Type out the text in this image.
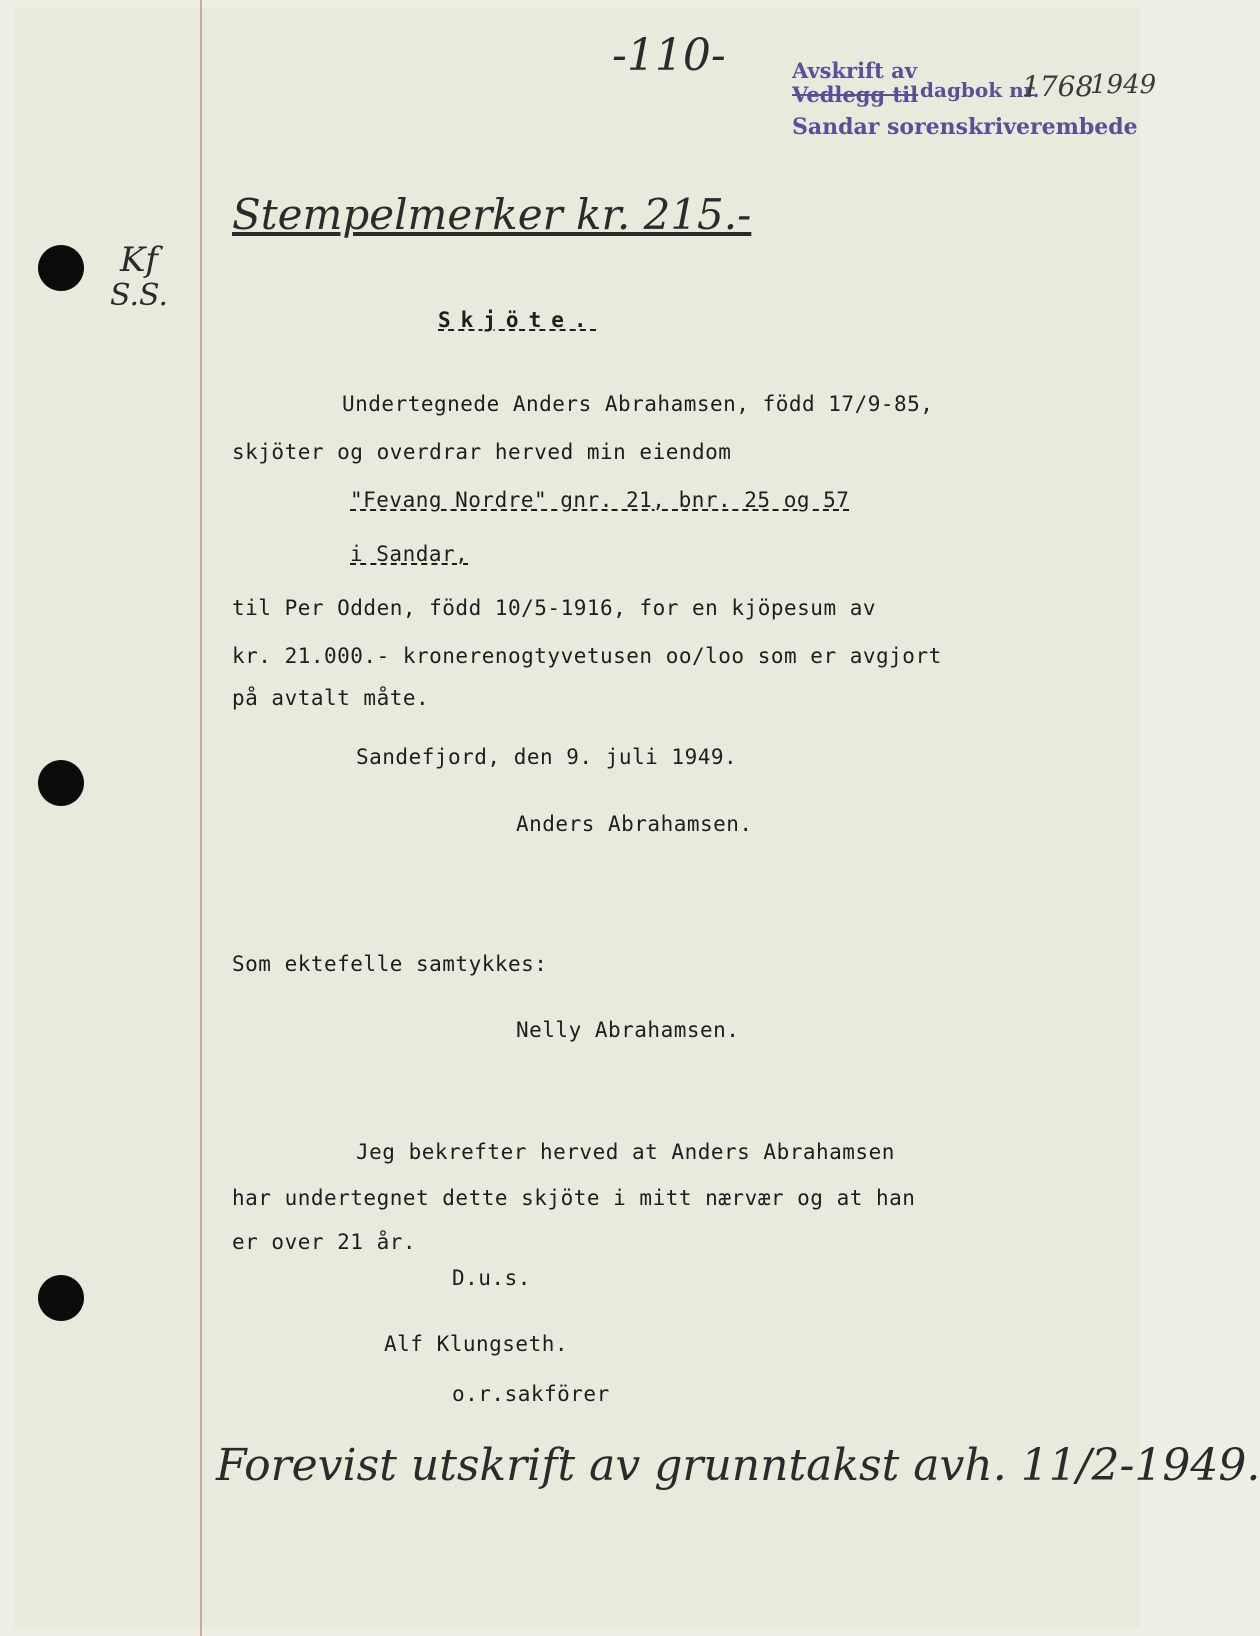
-110-	Avskrift av
Vedlegg til dagbok nr.
1768
1949
Sandar sorenskriverembede
Stempelmerker kr. 215.-
Kf
S.S.
Skjöte.
Undertegnede Anders Abrahamsen, född 17/9-85,
skjöter og overdrar herved min eiendom
"Fevang Nordre" gnr. 21, bnr. 25 og 57
i Sandar,
til Per Odden, född 10/5-1916, for en kjöpesum av
kr. 21.000.- kronerenogtyvetusen oo/loo som er avgjort
på avtalt måte.
Sandefjord, den 9. juli 1949.
Anders Abrahamsen.
Som ektefelle samtykkes:
Nelly Abrahamsen.
Jeg bekrefter herved at Anders Abrahamsen
har undertegnet dette skjöte i mitt nærvær og at han
er over 21 år.
D.u.s.
Alf Klungseth.
o.r.sakförer
Forevist utskrift av grunntakst avh. 11/2-1949.
